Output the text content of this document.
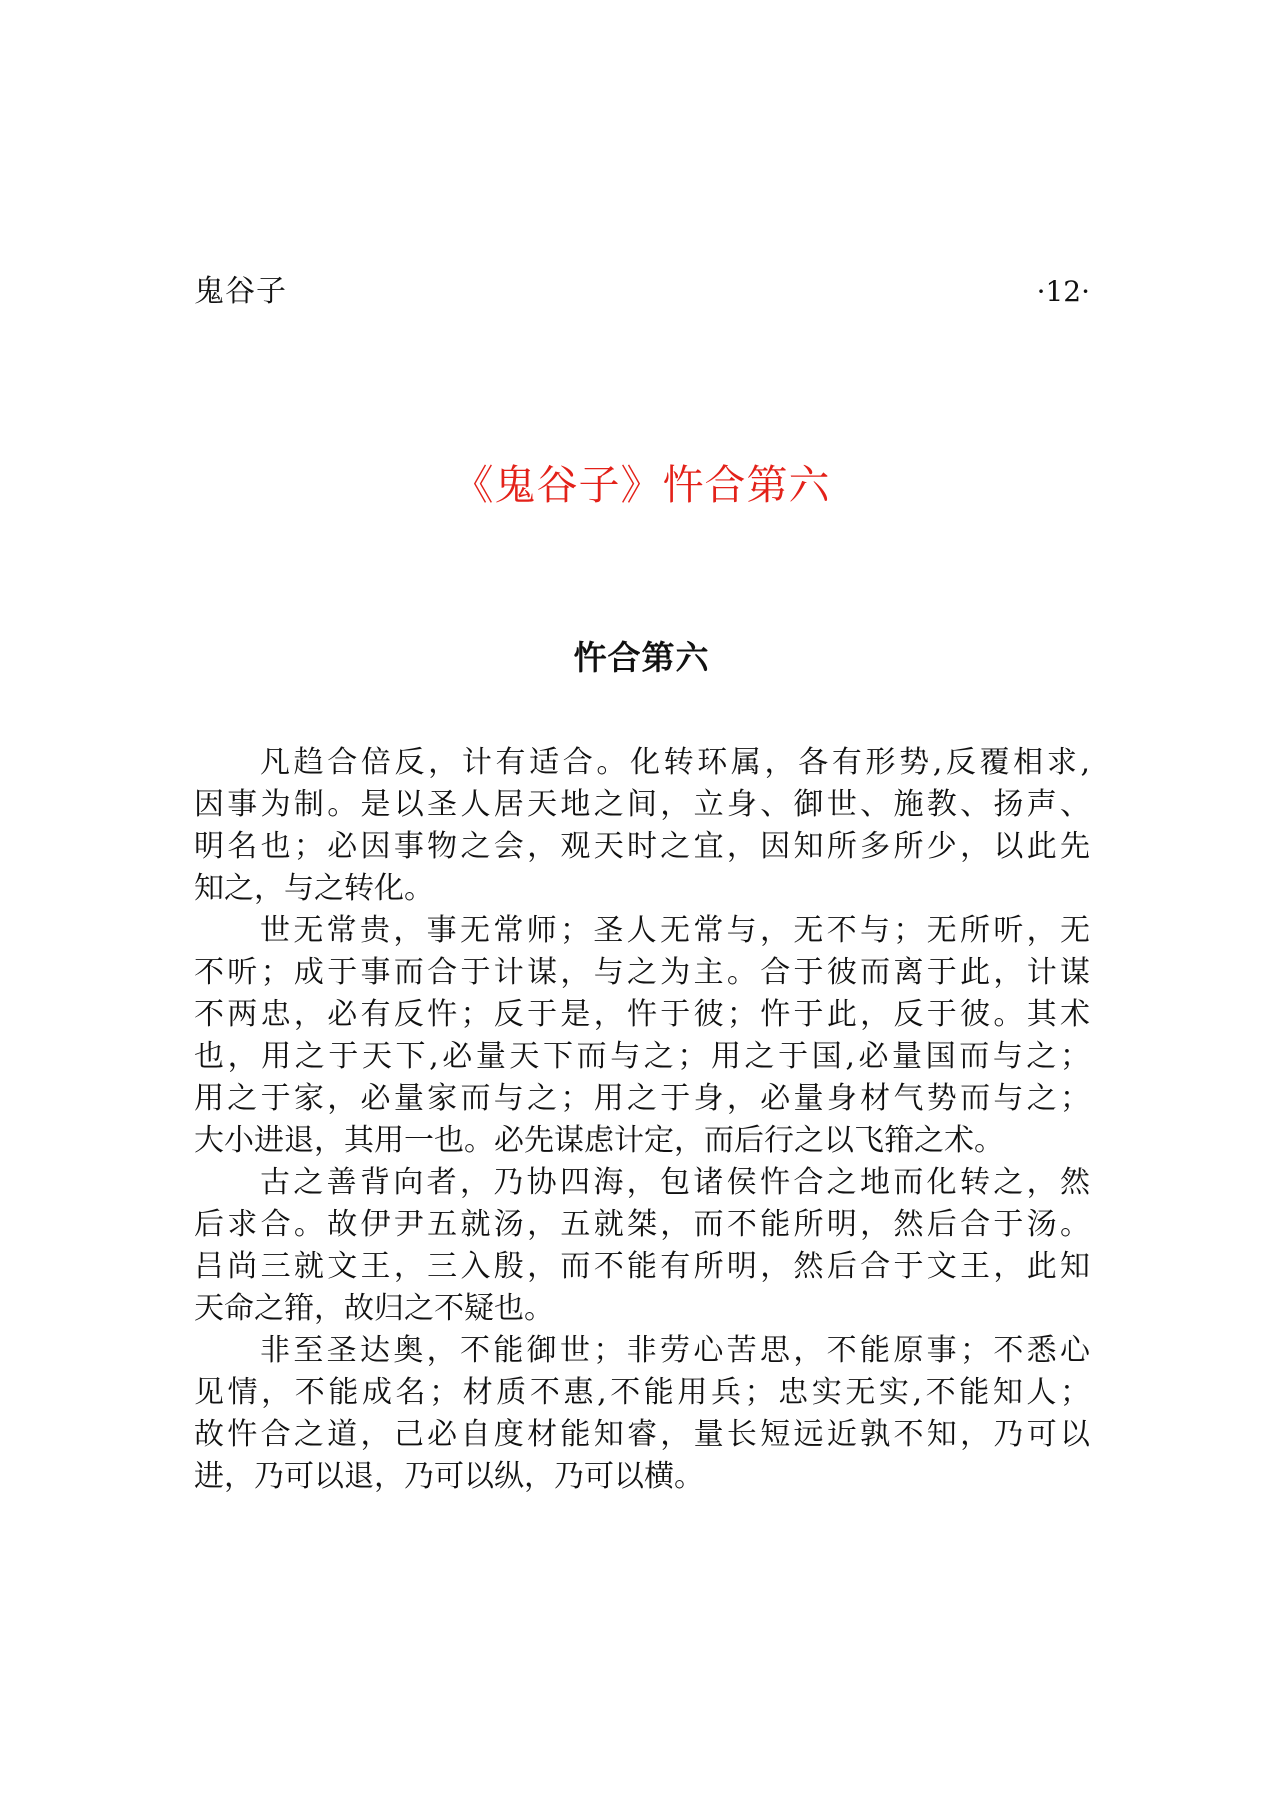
鬼谷子	·12·
《鬼谷子》忤合第六
忤合第六
凡趋合倍反，计有适合。化转环属，各有形势,反覆相求,
因事为制。是以圣人居天地之间，立身、御世、施教、扬声、
明名也；必因事物之会，观天时之宜，因知所多所少，以此先
知之，与之转化。
世无常贵，事无常师；圣人无常与，无不与；无所听，无
不听；成于事而合于计谋，与之为主。合于彼而离于此，计谋
不两忠，必有反忤；反于是，忤于彼；忤于此，反于彼。其术
也，用之于天下,必量天下而与之；用之于国,必量国而与之；
用之于家，必量家而与之；用之于身，必量身材气势而与之；
大小进退，其用一也。必先谋虑计定，而后行之以飞箝之术。
古之善背向者，乃协四海，包诸侯忤合之地而化转之，然
后求合。故伊尹五就汤，五就桀，而不能所明，然后合于汤。
吕尚三就文王，三入殷，而不能有所明，然后合于文王，此知
天命之箝，故归之不疑也。
非至圣达奥，不能御世；非劳心苦思，不能原事；不悉心
见情，不能成名；材质不惠,不能用兵；忠实无实,不能知人；
故忤合之道，己必自度材能知睿，量长短远近孰不知，乃可以
进，乃可以退，乃可以纵，乃可以横。
